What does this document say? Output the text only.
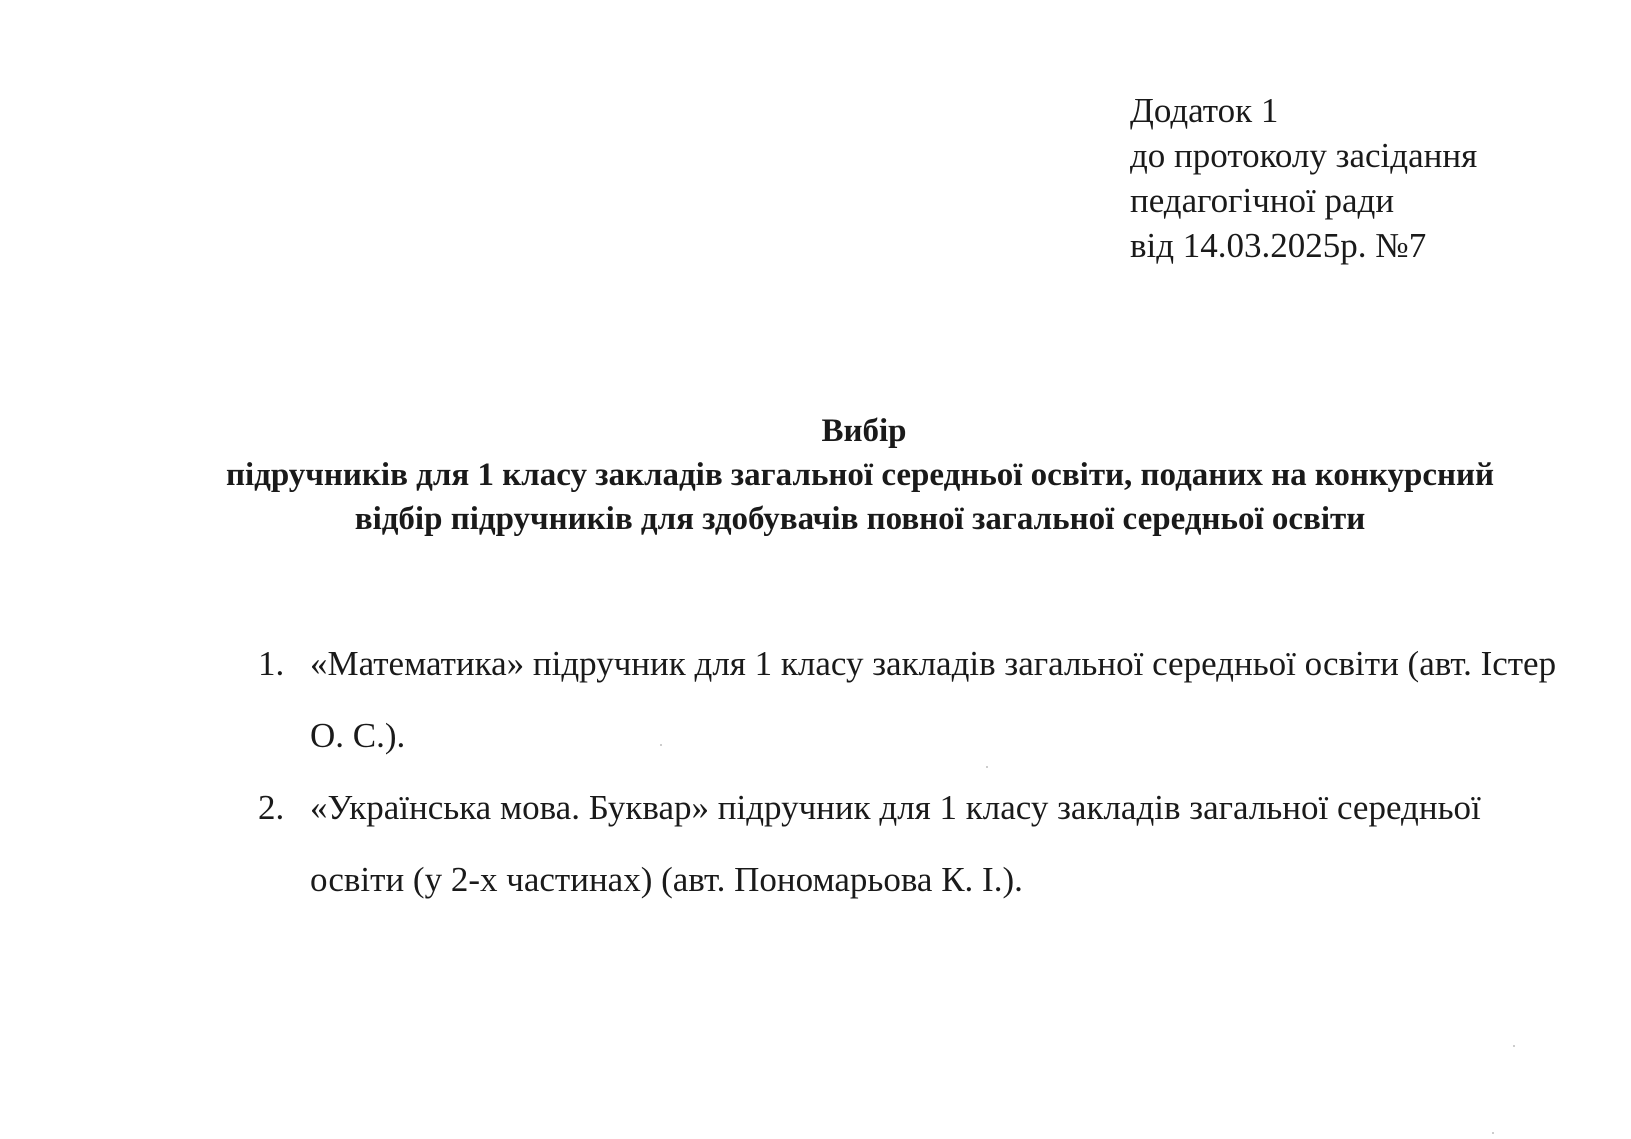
Додаток 1
до протоколу засідання
педагогічної ради
від 14.03.2025р. №7
Вибір
підручників для 1 класу закладів загальної середньої освіти, поданих на конкурсний відбір підручників для здобувачів повної загальної середньої освіти
1. «Математика» підручник для 1 класу закладів загальної середньої освіти (авт. Істер О. С.).
2. «Українська мова. Буквар» підручник для 1 класу закладів загальної середньої освіти (у 2-х частинах) (авт. Пономарьова К. І.).
